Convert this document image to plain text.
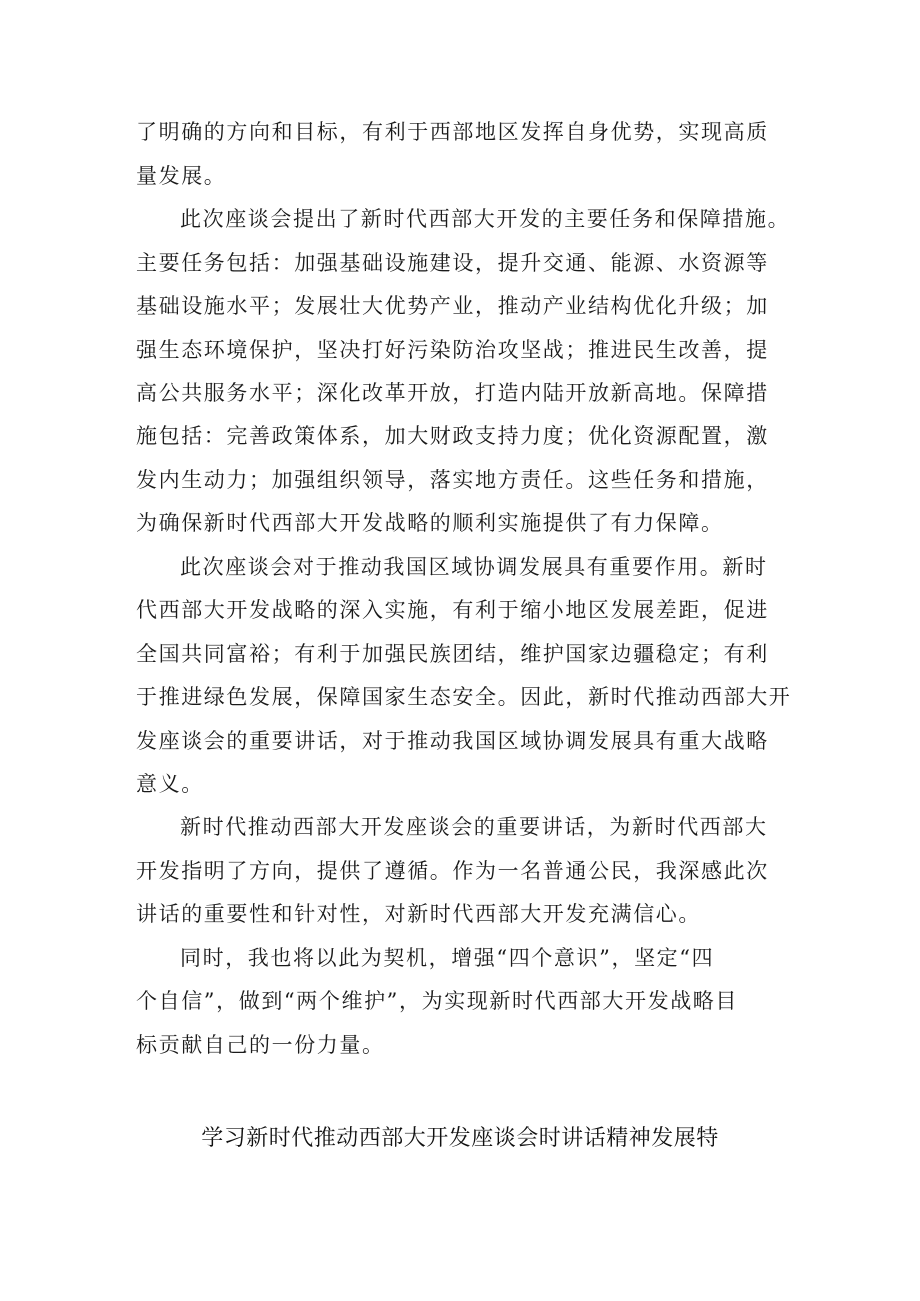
了明确的方向和目标，有利于西部地区发挥自身优势，实现高质
量发展。
此次座谈会提出了新时代西部大开发的主要任务和保障措施。
主要任务包括：加强基础设施建设，提升交通、能源、水资源等
基础设施水平；发展壮大优势产业，推动产业结构优化升级；加
强生态环境保护，坚决打好污染防治攻坚战；推进民生改善，提
高公共服务水平；深化改革开放，打造内陆开放新高地。保障措
施包括：完善政策体系，加大财政支持力度；优化资源配置，激
发内生动力；加强组织领导，落实地方责任。这些任务和措施，
为确保新时代西部大开发战略的顺利实施提供了有力保障。
此次座谈会对于推动我国区域协调发展具有重要作用。新时
代西部大开发战略的深入实施，有利于缩小地区发展差距，促进
全国共同富裕；有利于加强民族团结，维护国家边疆稳定；有利
于推进绿色发展，保障国家生态安全。因此，新时代推动西部大开
发座谈会的重要讲话，对于推动我国区域协调发展具有重大战略
意义。
新时代推动西部大开发座谈会的重要讲话，为新时代西部大
开发指明了方向，提供了遵循。作为一名普通公民，我深感此次
讲话的重要性和针对性，对新时代西部大开发充满信心。
同时，我也将以此为契机，增强“四个意识”，坚定“四
个自信”，做到“两个维护”，为实现新时代西部大开发战略目
标贡献自己的一份力量。
学习新时代推动西部大开发座谈会时讲话精神发展特
